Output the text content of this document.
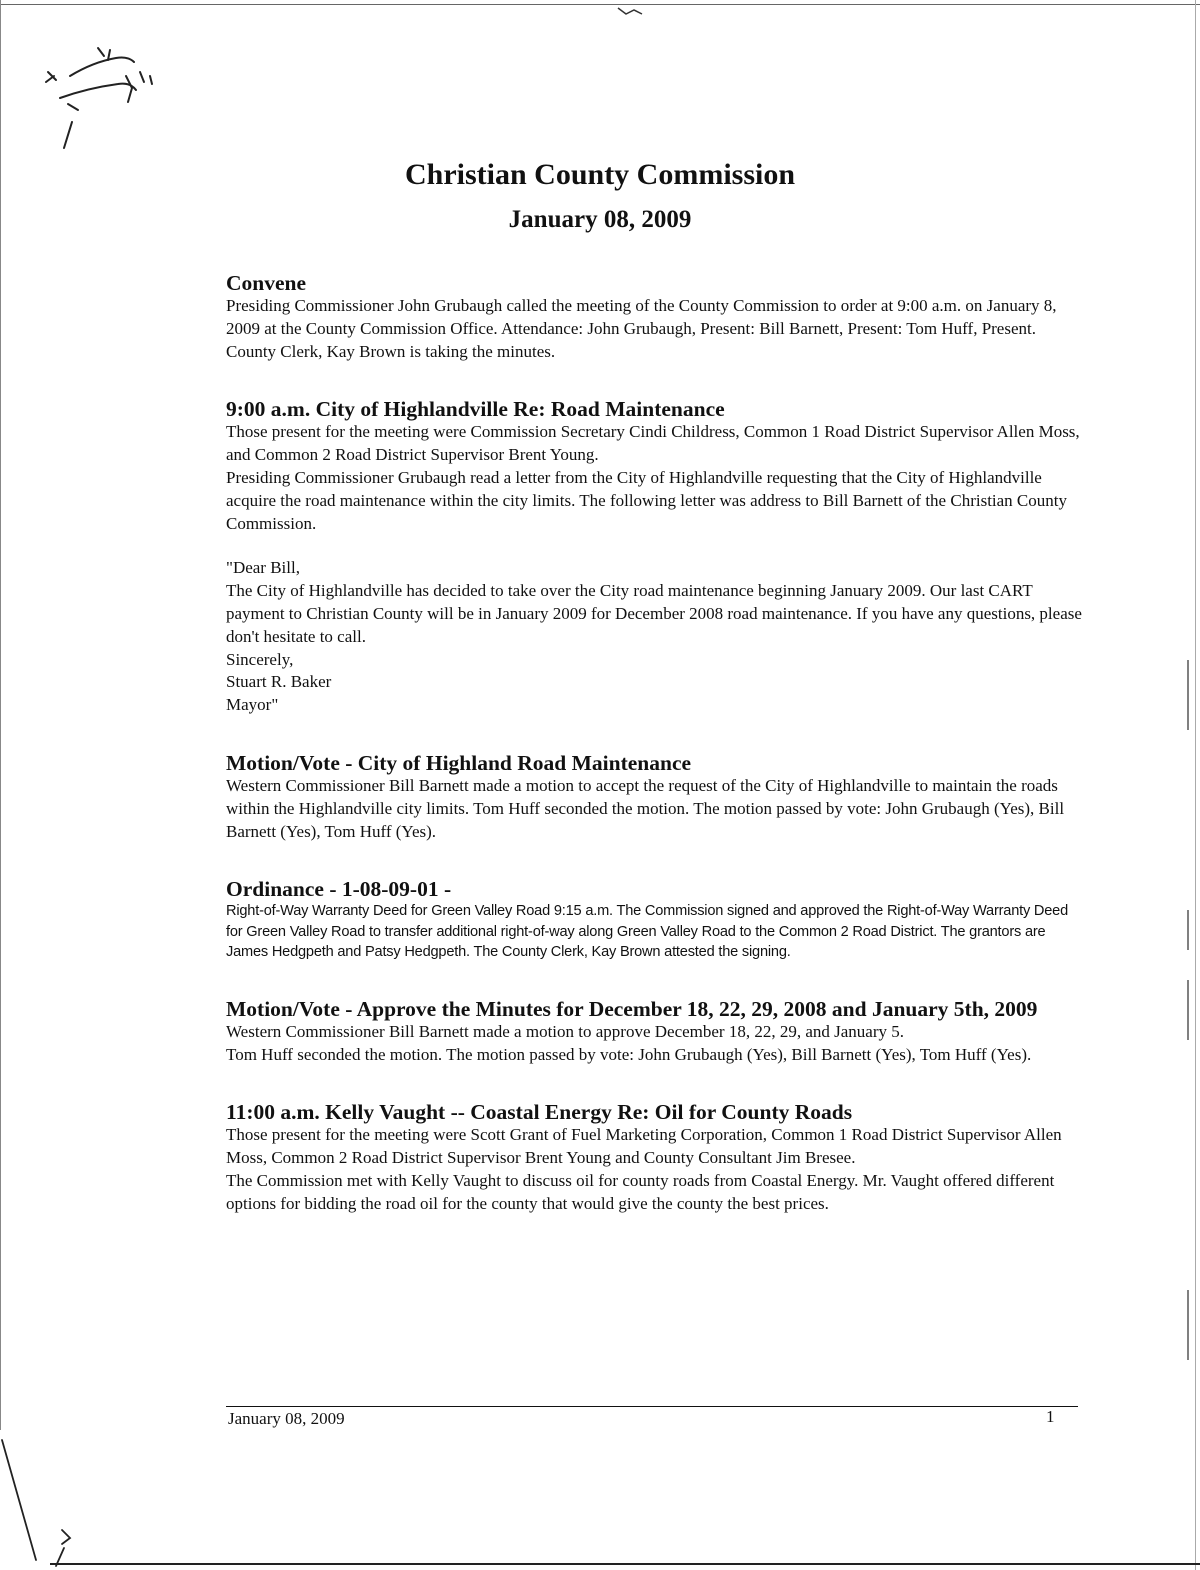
Christian County Commission
January 08, 2009
Convene

Presiding Commissioner John Grubaugh called the meeting of the County Commission to order at 9:00 a.m. on January 8, 2009 at the County Commission Office. Attendance: John Grubaugh, Present: Bill Barnett, Present: Tom Huff, Present. County Clerk, Kay Brown is taking the minutes.

9:00 a.m. City of Highlandville Re: Road Maintenance

Those present for the meeting were Commission Secretary Cindi Childress, Common 1 Road District Supervisor Allen Moss, and Common 2 Road District Supervisor Brent Young.

Presiding Commissioner Grubaugh read a letter from the City of Highlandville requesting that the City of Highlandville acquire the road maintenance within the city limits. The following letter was address to Bill Barnett of the Christian County Commission.

"Dear Bill,

The City of Highlandville has decided to take over the City road maintenance beginning January 2009. Our last CART payment to Christian County will be in January 2009 for December 2008 road maintenance. If you have any questions, please don't hesitate to call.

Sincerely,

Stuart R. Baker

Mayor"

Motion/Vote - City of Highland Road Maintenance

Western Commissioner Bill Barnett made a motion to accept the request of the City of Highlandville to maintain the roads within the Highlandville city limits. Tom Huff seconded the motion. The motion passed by vote: John Grubaugh (Yes), Bill Barnett (Yes), Tom Huff (Yes).

Ordinance - 1-08-09-01 -

Right-of-Way Warranty Deed for Green Valley Road 9:15 a.m. The Commission signed and approved the Right-of-Way Warranty Deed for Green Valley Road to transfer additional right-of-way along Green Valley Road to the Common 2 Road District. The grantors are James Hedgpeth and Patsy Hedgpeth. The County Clerk, Kay Brown attested the signing.

Motion/Vote - Approve the Minutes for December 18, 22, 29, 2008 and January 5th, 2009

Western Commissioner Bill Barnett made a motion to approve December 18, 22, 29, and January 5.

Tom Huff seconded the motion. The motion passed by vote: John Grubaugh (Yes), Bill Barnett (Yes), Tom Huff (Yes).

11:00 a.m. Kelly Vaught -- Coastal Energy Re: Oil for County Roads

Those present for the meeting were Scott Grant of Fuel Marketing Corporation, Common 1 Road District Supervisor Allen Moss, Common 2 Road District Supervisor Brent Young and County Consultant Jim Bresee.

The Commission met with Kelly Vaught to discuss oil for county roads from Coastal Energy. Mr. Vaught offered different options for bidding the road oil for the county that would give the county the best prices.

January 08, 2009	1
